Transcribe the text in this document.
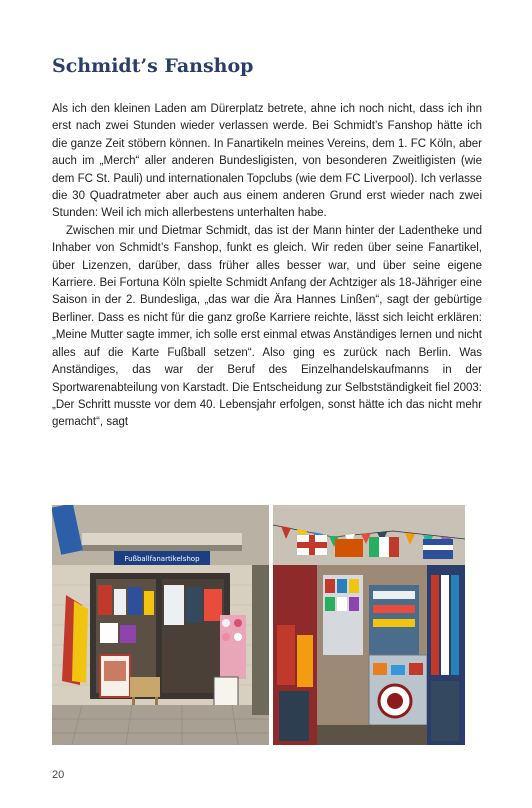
Schmidt’s Fanshop

Als ich den kleinen Laden am Dürerplatz betrete, ahne ich noch nicht, dass ich ihn erst nach zwei Stunden wieder verlassen werde. Bei Schmidt’s Fanshop hätte ich die ganze Zeit stöbern können. In Fanartikeln meines Vereins, dem 1. FC Köln, aber auch im „Merch“ aller anderen Bundesligisten, von besonderen Zweitligisten (wie dem FC St. Pauli) und internationalen Topclubs (wie dem FC Liverpool). Ich verlasse die 30 Quadratmeter aber auch aus einem anderen Grund erst wieder nach zwei Stunden: Weil ich mich allerbestens unterhalten habe.

Zwischen mir und Dietmar Schmidt, das ist der Mann hinter der Ladentheke und Inhaber von Schmidt’s Fanshop, funkt es gleich. Wir reden über seine Fanartikel, über Lizenzen, darüber, dass früher alles besser war, und über seine eigene Karriere. Bei Fortuna Köln spielte Schmidt Anfang der Achtziger als 18-Jähriger eine Saison in der 2. Bundesliga, „das war die Ära Hannes Linßen“, sagt der gebürtige Berliner. Dass es nicht für die ganz große Karriere reichte, lässt sich leicht erklären: „Meine Mutter sagte immer, ich solle erst einmal etwas Anständiges lernen und nicht alles auf die Karte Fußball setzen“. Also ging es zurück nach Berlin. Was Anständiges, das war der Beruf des Einzelhandelskaufmanns in der Sportwarenabteilung von Karstadt. Die Entscheidung zur Selbstständigkeit fiel 2003: „Der Schritt musste vor dem 40. Lebensjahr erfolgen, sonst hätte ich das nicht mehr gemacht“, sagt

Fußballfanartikelshop
20
